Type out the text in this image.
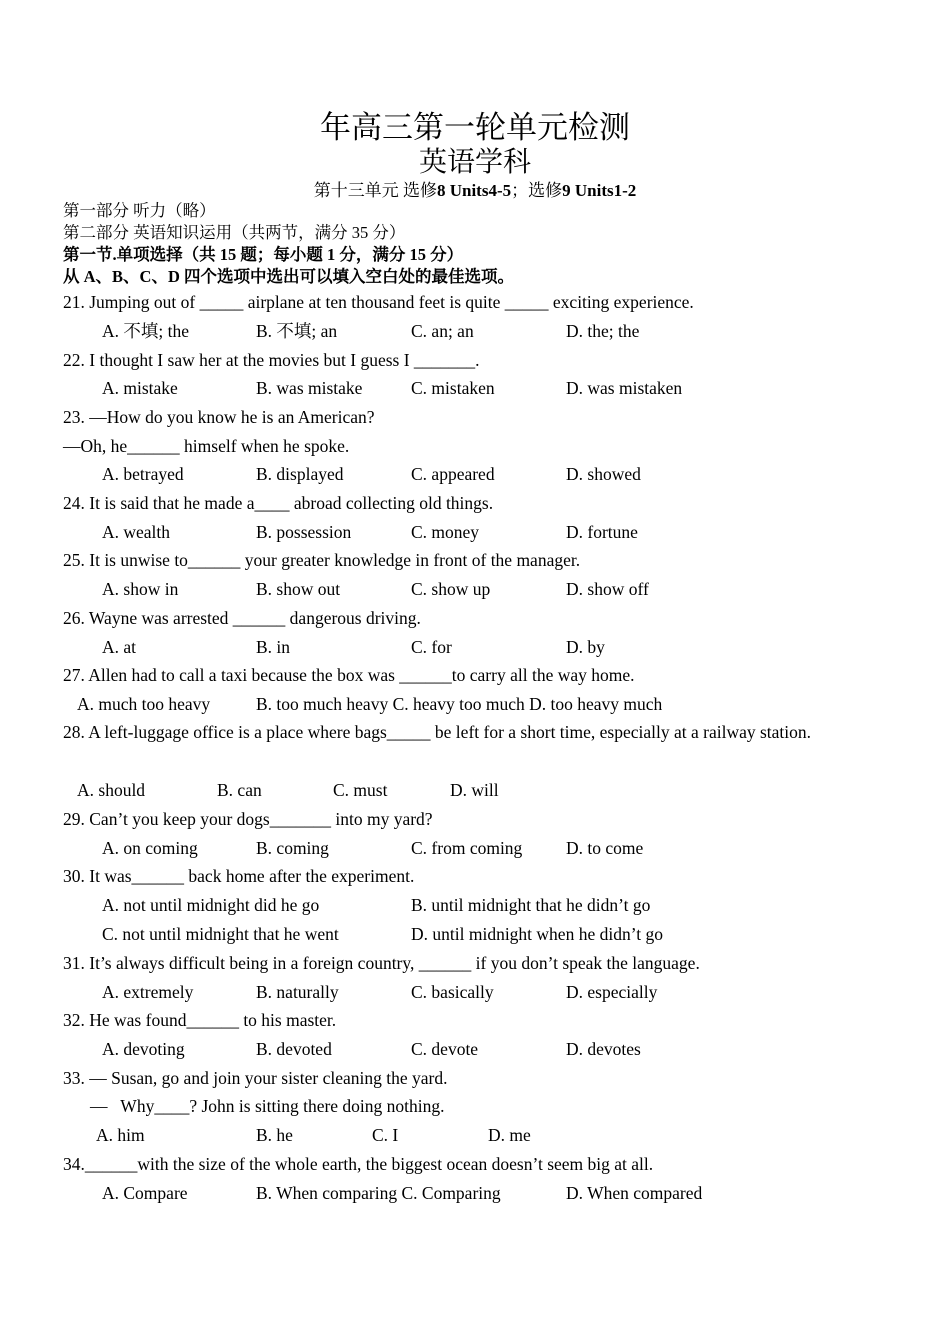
年高三第一轮单元检测
英语学科
第十三单元 选修8 Units4-5；选修9 Units1-2
第一部分 听力（略）
第二部分 英语知识运用（共两节，满分 35 分）
第一节.单项选择（共 15 题；每小题 1 分，满分 15 分）
从 A、B、C、D 四个选项中选出可以填入空白处的最佳选项。
21. Jumping out of _____ airplane at ten thousand feet is quite _____ exciting experience.
A. 不填; the	B. 不填; an	C. an; an	D. the; the
22. I thought I saw her at the movies but I guess I _______.
A. mistake	B. was mistake	C. mistaken	D. was mistaken
23. —How do you know he is an American?
—Oh, he______ himself when he spoke.
A. betrayed	B. displayed	C. appeared	D. showed
24. It is said that he made a____ abroad collecting old things.
A. wealth	B. possession	C. money	D. fortune
25. It is unwise to______ your greater knowledge in front of the manager.
A. show in	B. show out	C. show up	D. show off
26. Wayne was arrested ______ dangerous driving.
A. at	B. in	C. for	D. by
27. Allen had to call a taxi because the box was ______to carry all the way home.
A. much too heavy	B. too much heavy C. heavy too much D. too heavy much
28. A left-luggage office is a place where bags_____ be left for a short time, especially at a railway station.
A. should	B. can	C. must	D. will
29. Can’t you keep your dogs_______ into my yard?
A. on coming	B. coming	C. from coming D. to come
30. It was______ back home after the experiment.
A. not until midnight did he go	B. until midnight that he didn’t go
C. not until midnight that he went	D. until midnight when he didn’t go
31. It’s always difficult being in a foreign country, ______ if you don’t speak the language.
A. extremely	B. naturally	C. basically	D. especially
32. He was found______ to his master.
A. devoting	B. devoted	C. devote	D. devotes
33. — Susan, go and join your sister cleaning the yard.
—   Why____? John is sitting there doing nothing.
A. him	B. he	C. I	D. me
34.______with the size of the whole earth, the biggest ocean doesn’t seem big at all.
A. Compare	B. When comparing C. Comparing	D. When compared
